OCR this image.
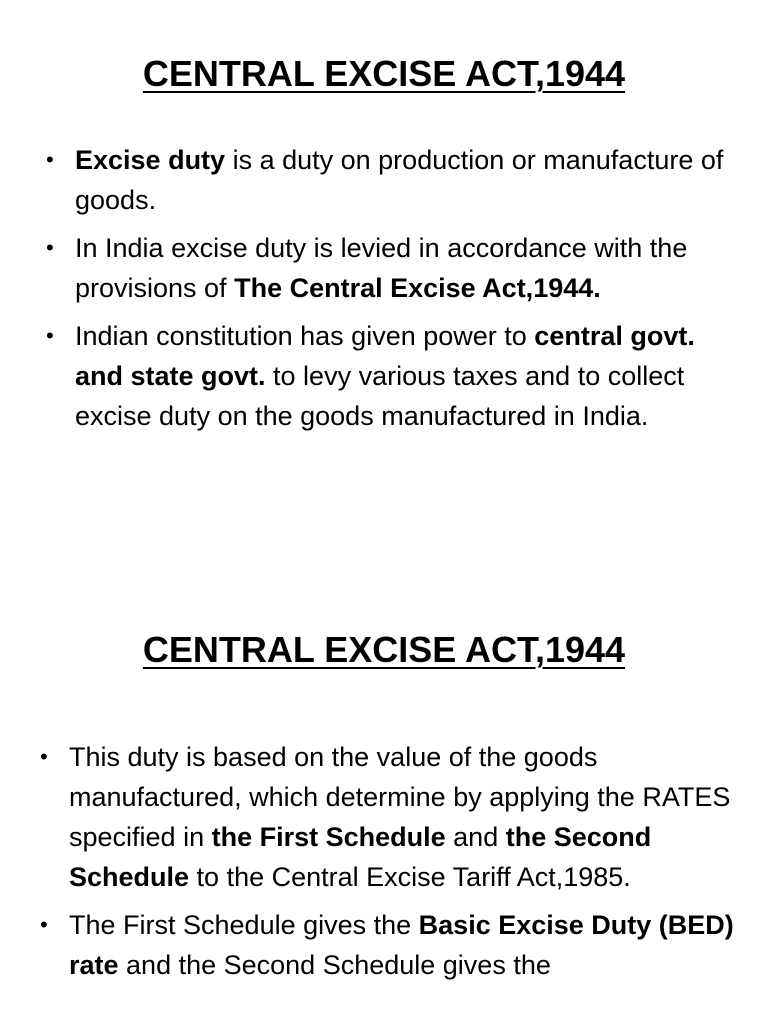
CENTRAL EXCISE ACT,1944
• Excise duty is a duty on production or manufacture of goods.
• In India excise duty is levied in accordance with the provisions of The Central Excise Act,1944.
• Indian constitution has given power to central govt. and state govt. to levy various taxes and to collect excise duty on the goods manufactured in India.
CENTRAL EXCISE ACT,1944
• This duty is based on the value of the goods manufactured, which determine by applying the RATES specified in the First Schedule and the Second Schedule to the Central Excise Tariff Act,1985.
• The First Schedule gives the Basic Excise Duty (BED) rate and the Second Schedule gives the
